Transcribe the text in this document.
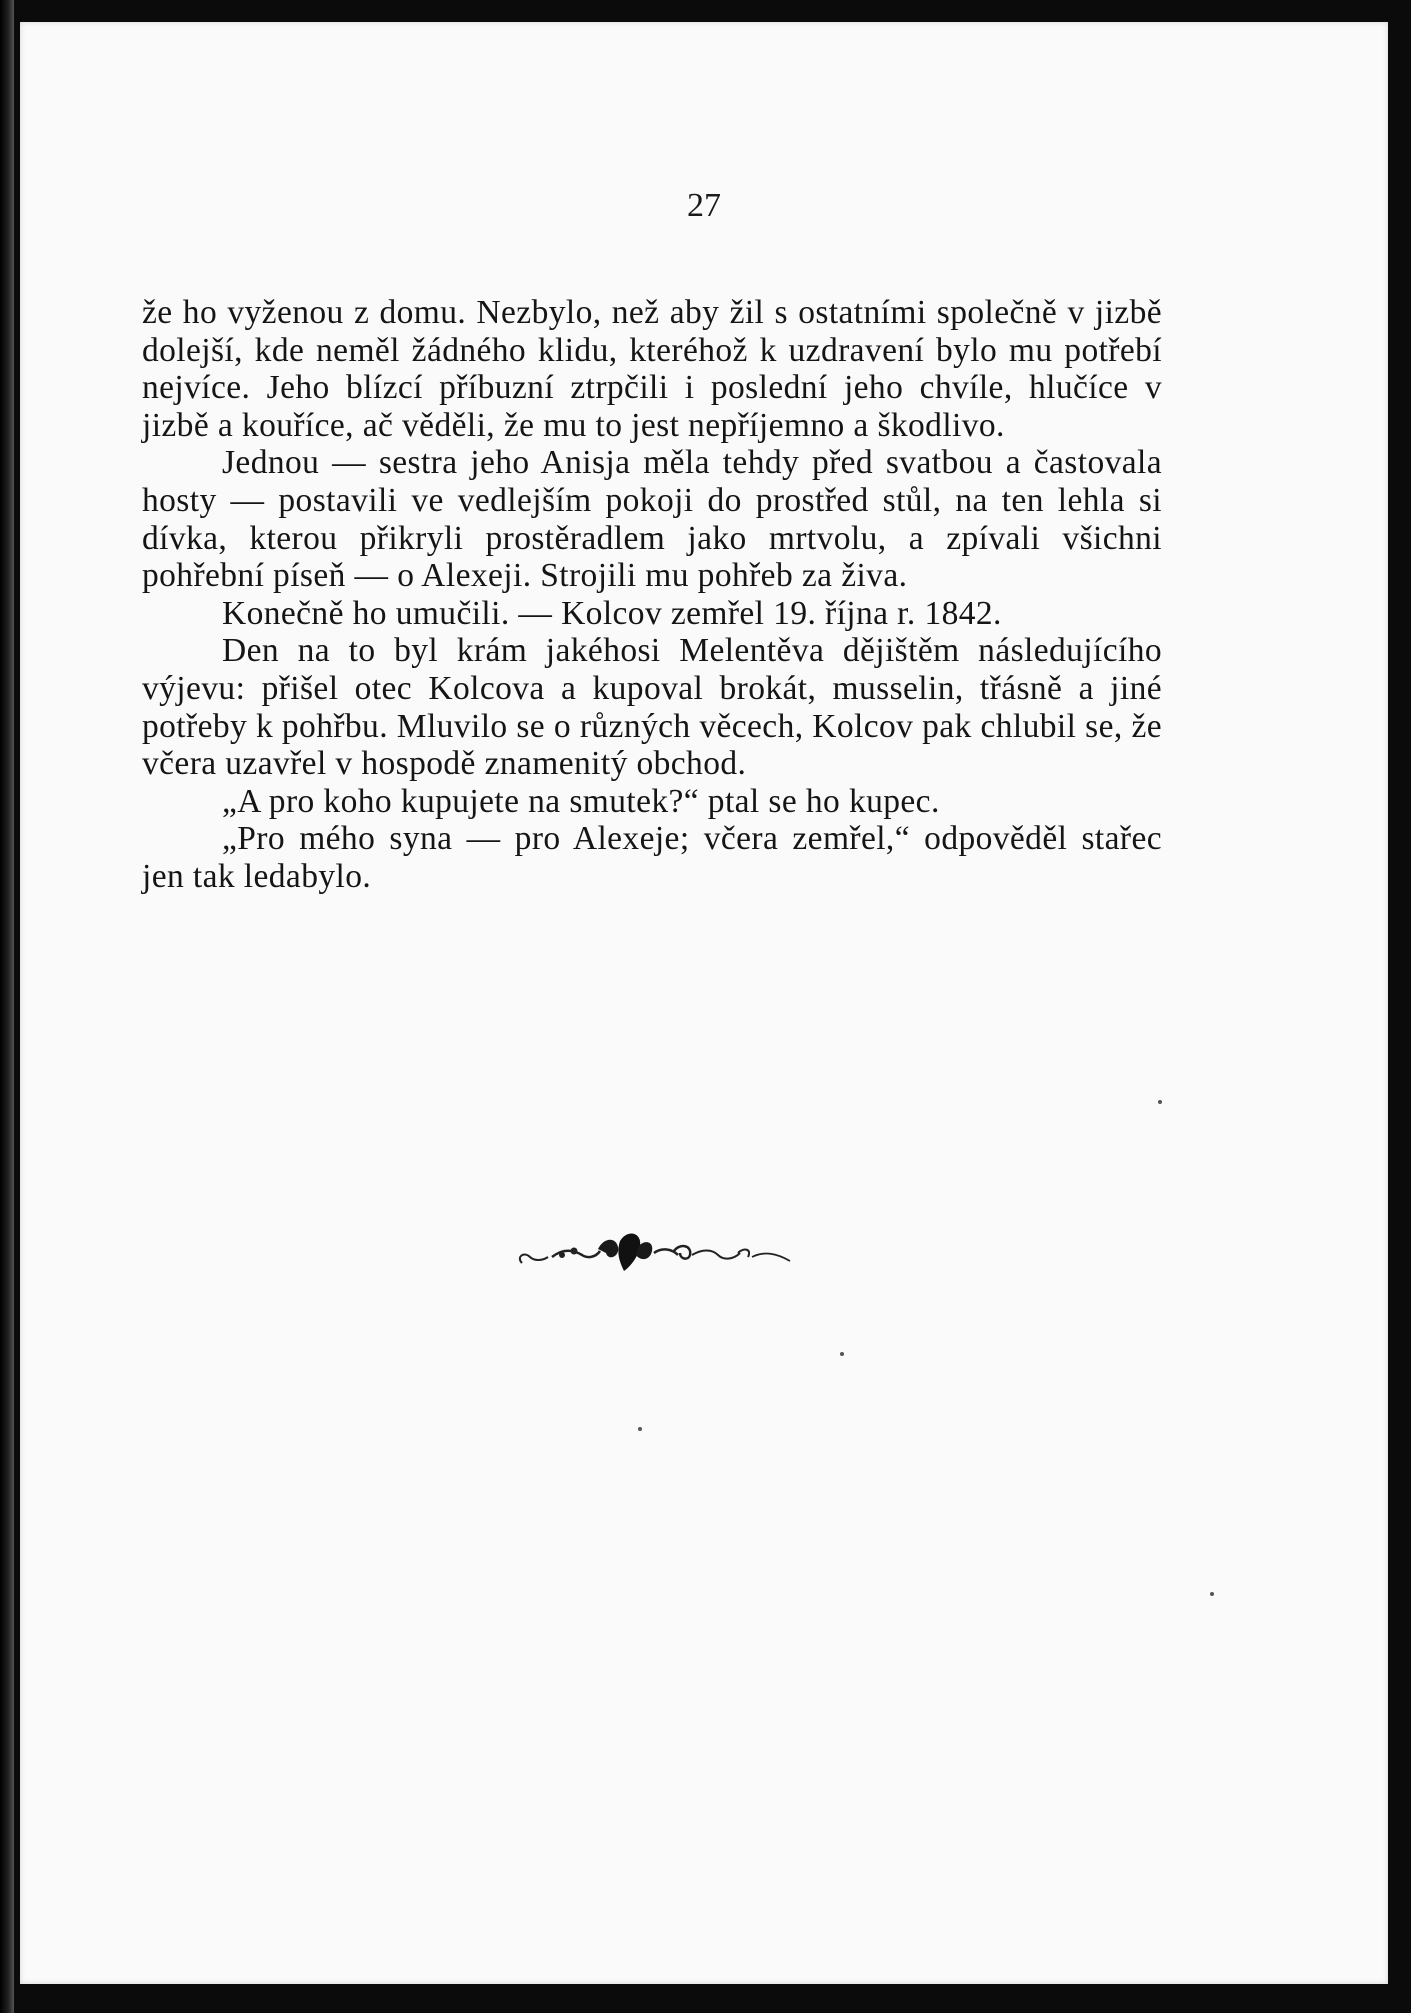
27

že ho vyženou z domu. Nezbylo, než aby žil s ostatními společně v jizbě dolejší, kde neměl žádného klidu, kteréhož k uzdravení bylo mu potřebí nejvíce. Jeho blízcí příbuzní ztrpčili i poslední jeho chvíle, hlučíce v jizbě a kouříce, ač věděli, že mu to jest nepříjemno a škodlivo.

Jednou — sestra jeho Anisja měla tehdy před svatbou a častovala hosty — postavili ve vedlejším pokoji do prostřed stůl, na ten lehla si dívka, kterou přikryli prostěradlem jako mrtvolu, a zpívali všichni pohřební píseň — o Alexeji. Strojili mu pohřeb za živa.

Konečně ho umučili. — Kolcov zemřel 19. října r. 1842.

Den na to byl krám jakéhosi Melentěva dějištěm následujícího výjevu: přišel otec Kolcova a kupoval brokát, musselin, třásně a jiné potřeby k pohřbu. Mluvilo se o různých věcech, Kolcov pak chlubil se, že včera uzavřel v hospodě znamenitý obchod.

„A pro koho kupujete na smutek?“ ptal se ho kupec.

„Pro mého syna — pro Alexeje; včera zemřel,“ odpověděl stařec jen tak ledabylo.
